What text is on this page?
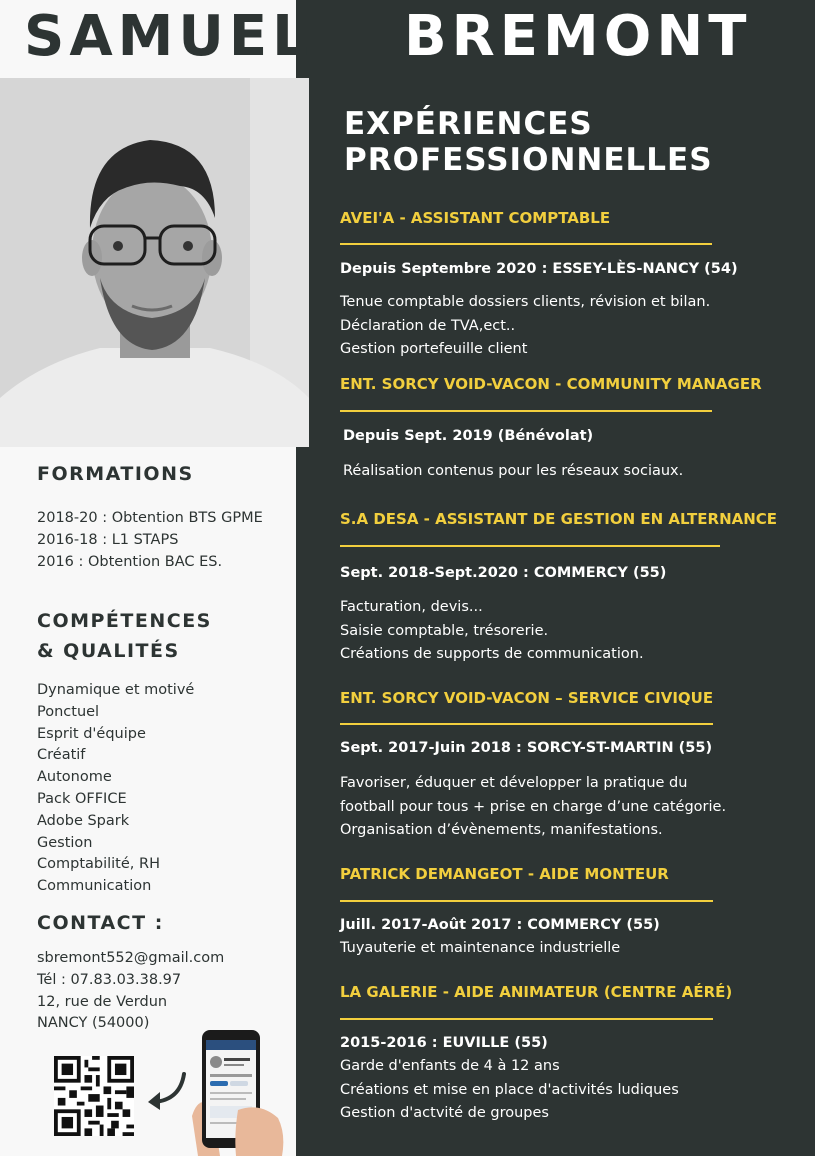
SAMUEL BREMONT
FORMATIONS
2018-20 : Obtention BTS GPME
2016-18 : L1 STAPS
2016 : Obtention BAC ES.
COMPÉTENCES
& QUALITÉS
Dynamique et motivé
Ponctuel
Esprit d'équipe
Créatif
Autonome
Pack OFFICE
Adobe Spark
Gestion
Comptabilité, RH
Communication
CONTACT :
sbremont552@gmail.com
Tél : 07.83.03.38.97
12, rue de Verdun
NANCY (54000)
EXPÉRIENCES
PROFESSIONNELLES
AVEI'A - ASSISTANT COMPTABLE
Depuis Septembre 2020 : ESSEY-LÈS-NANCY (54)
Tenue comptable dossiers clients, révision et bilan.
Déclaration de TVA,ect..
Gestion portefeuille client
ENT. SORCY VOID-VACON - COMMUNITY MANAGER
Depuis Sept. 2019 (Bénévolat)
Réalisation contenus pour les réseaux sociaux.
S.A DESA - ASSISTANT DE GESTION EN ALTERNANCE
Sept. 2018-Sept.2020 : COMMERCY (55)
Facturation, devis...
Saisie comptable, trésorerie.
Créations de supports de communication.
ENT. SORCY VOID-VACON – SERVICE CIVIQUE
Sept. 2017-Juin 2018 : SORCY-ST-MARTIN (55)
Favoriser, éduquer et développer la pratique du
football pour tous + prise en charge d’une catégorie.
Organisation d’évènements, manifestations.
PATRICK DEMANGEOT - AIDE MONTEUR
Juill. 2017-Août 2017 : COMMERCY (55)
Tuyauterie et maintenance industrielle
LA GALERIE - AIDE ANIMATEUR (CENTRE AÉRÉ)
2015-2016 : EUVILLE (55)
Garde d'enfants de 4 à 12 ans
Créations et mise en place d'activités ludiques
Gestion d'actvité de groupes
